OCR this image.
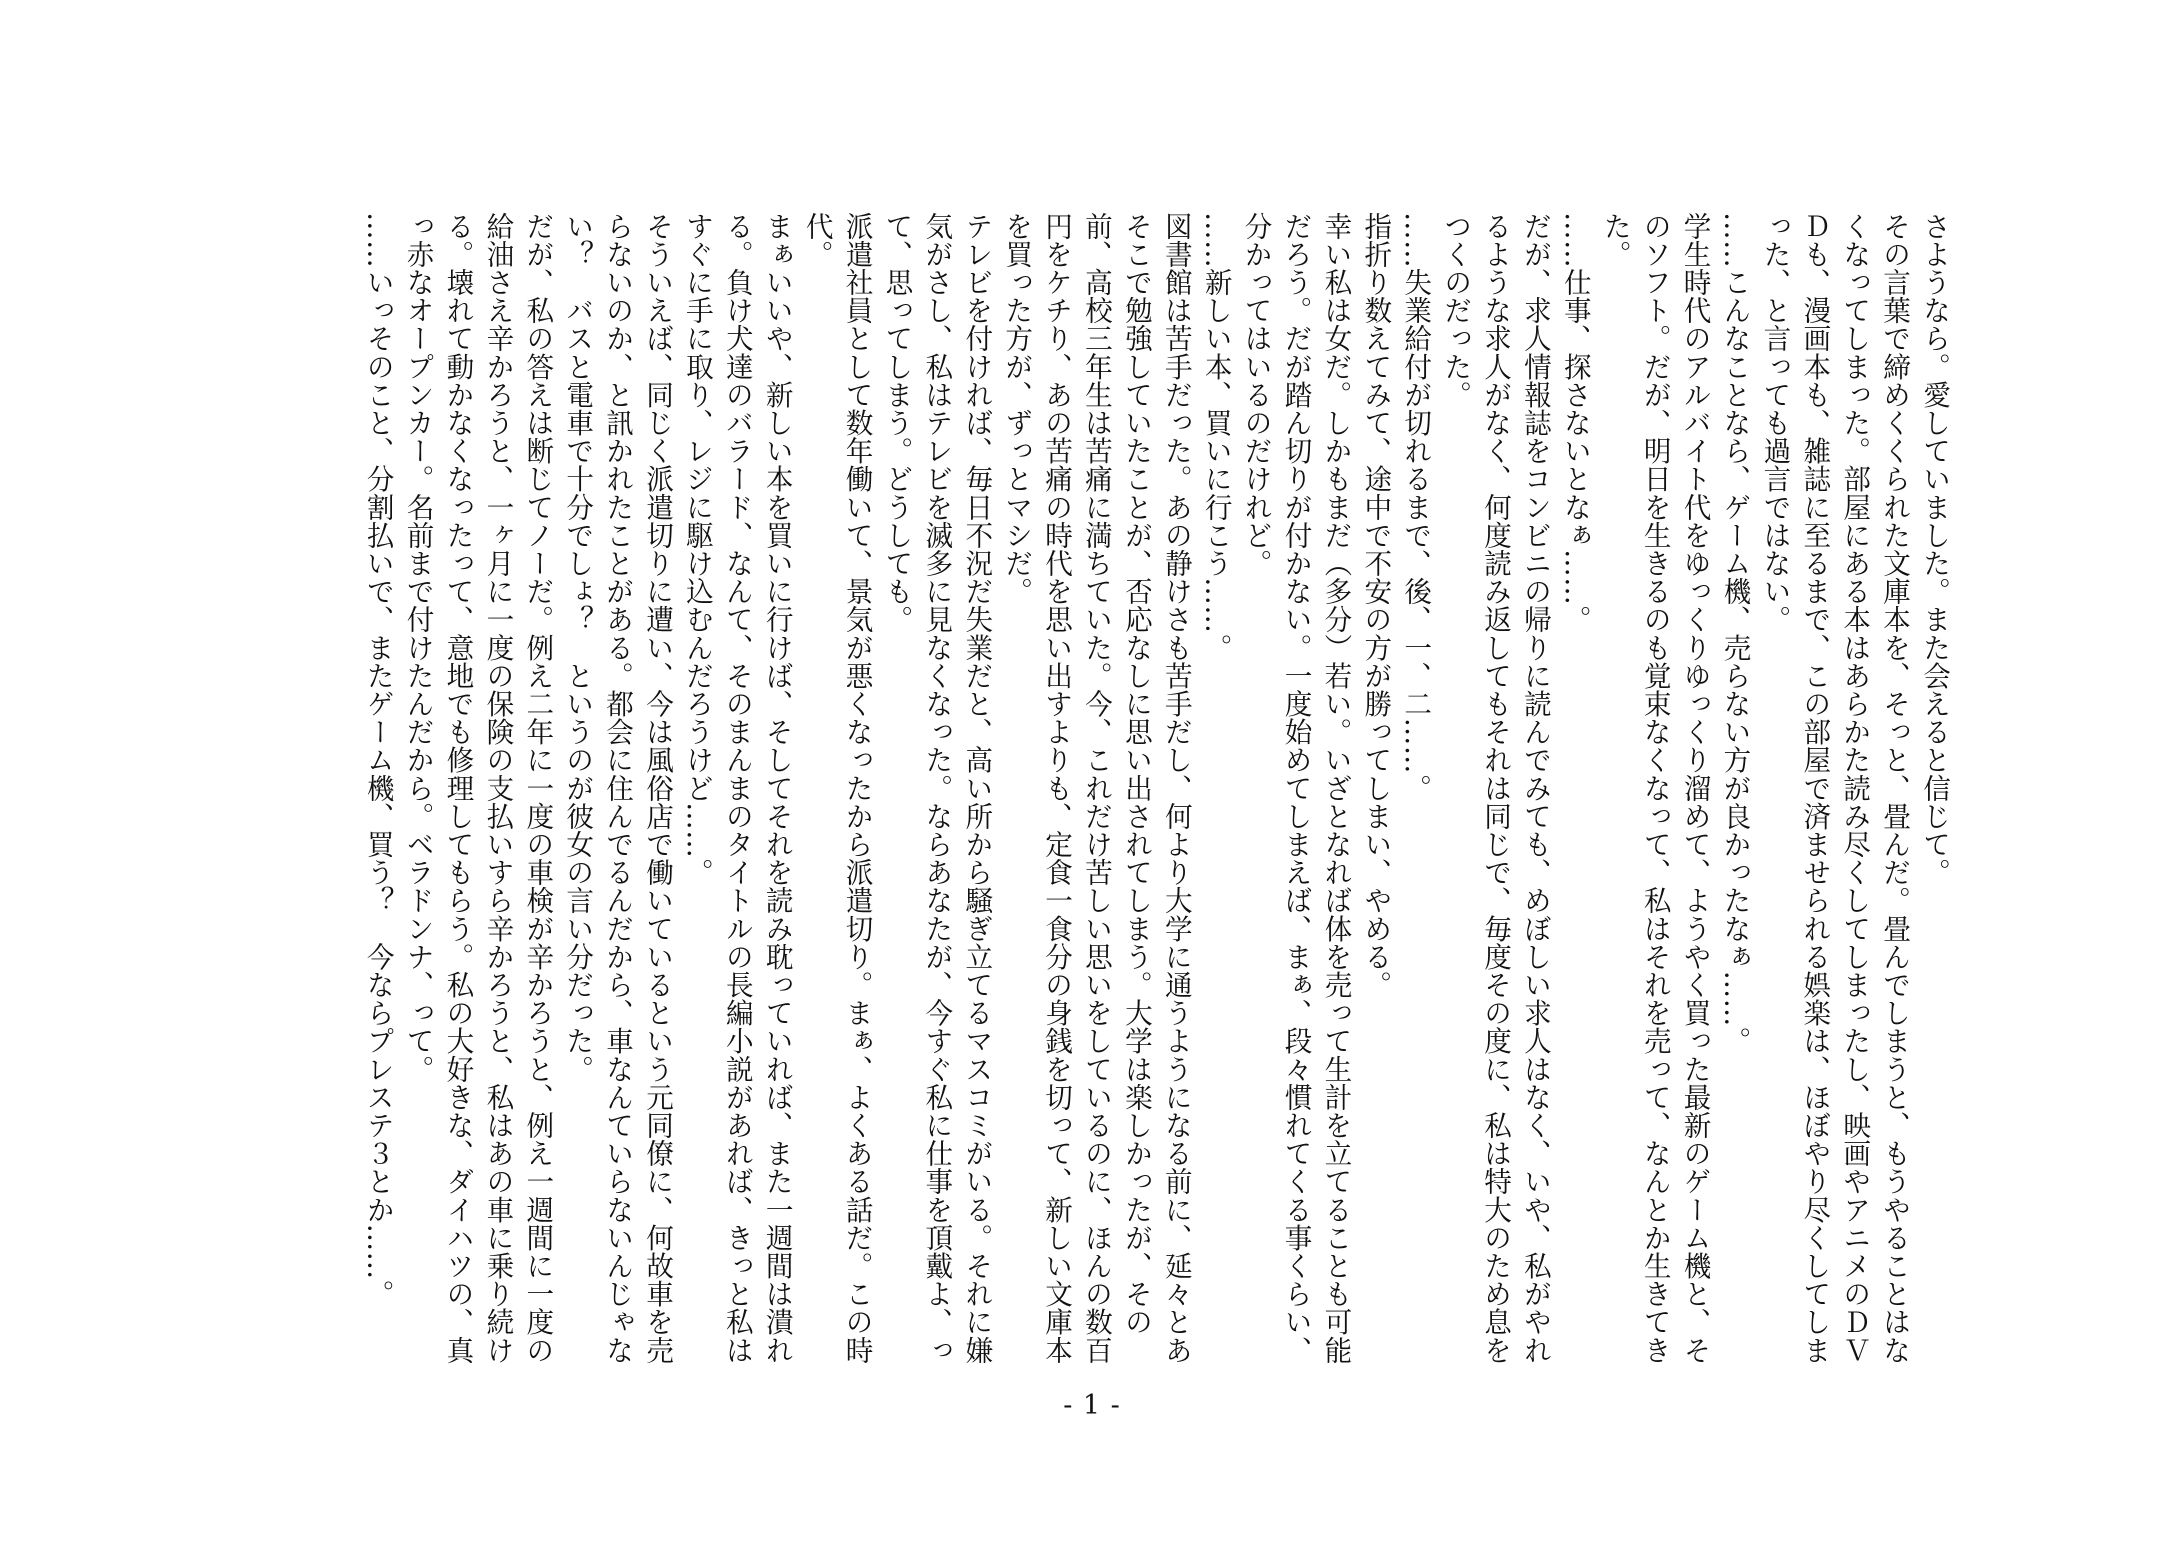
さようなら。愛していました。また会えると信じて。

その言葉で締めくくられた文庫本を、そっと、畳んだ。畳んでしまうと、もうやることはなくなってしまった。部屋にある本はあらかた読み尽くしてしまったし、映画やアニメのＤＶＤも、漫画本も、雑誌に至るまで、この部屋で済ませられる娯楽は、ほぼやり尽くしてしまった、と言っても過言ではない。

……こんなことなら、ゲーム機、売らない方が良かったなぁ……。

学生時代のアルバイト代をゆっくりゆっくり溜めて、ようやく買った最新のゲーム機と、そのソフト。だが、明日を生きるのも覚束なくなって、私はそれを売って、なんとか生きてきた。

……仕事、探さないとなぁ……。

だが、求人情報誌をコンビニの帰りに読んでみても、めぼしい求人はなく、いや、私がやれるような求人がなく、何度読み返してもそれは同じで、毎度その度に、私は特大のため息をつくのだった。

……失業給付が切れるまで、後、一、二……。

指折り数えてみて、途中で不安の方が勝ってしまい、やめる。

幸い私は女だ。しかもまだ（多分）若い。いざとなれば体を売って生計を立てることも可能だろう。だが踏ん切りが付かない。一度始めてしまえば、まぁ、段々慣れてくる事くらい、分かってはいるのだけれど。

……新しい本、買いに行こう……。

図書館は苦手だった。あの静けさも苦手だし、何より大学に通うようになる前に、延々とあそこで勉強していたことが、否応なしに思い出されてしまう。大学は楽しかったが、その前、高校三年生は苦痛に満ちていた。今、これだけ苦しい思いをしているのに、ほんの数百円をケチり、あの苦痛の時代を思い出すよりも、定食一食分の身銭を切って、新しい文庫本を買った方が、ずっとマシだ。

テレビを付ければ、毎日不況だ失業だと、高い所から騒ぎ立てるマスコミがいる。それに嫌気がさし、私はテレビを滅多に見なくなった。ならあなたが、今すぐ私に仕事を頂戴よ、って、思ってしまう。どうしても。

派遣社員として数年働いて、景気が悪くなったから派遣切り。まぁ、よくある話だ。この時代。

まぁいいや、新しい本を買いに行けば、そしてそれを読み耽っていれば、また一週間は潰れる。負け犬達のバラード、なんて、そのまんまのタイトルの長編小説があれば、きっと私はすぐに手に取り、レジに駆け込むんだろうけど……。

そういえば、同じく派遣切りに遭い、今は風俗店で働いているという元同僚に、何故車を売らないのか、と訊かれたことがある。都会に住んでるんだから、車なんていらないんじゃない？　バスと電車で十分でしょ？　というのが彼女の言い分だった。

だが、私の答えは断じてノーだ。例え二年に一度の車検が辛かろうと、例え一週間に一度の給油さえ辛かろうと、一ヶ月に一度の保険の支払いすら辛かろうと、私はあの車に乗り続ける。壊れて動かなくなったって、意地でも修理してもらう。私の大好きな、ダイハツの、真っ赤なオープンカー。名前まで付けたんだから。ベラドンナ、って。

……いっそのこと、分割払いで、またゲーム機、買う？　今ならプレステ３とか……。

- 1 -
